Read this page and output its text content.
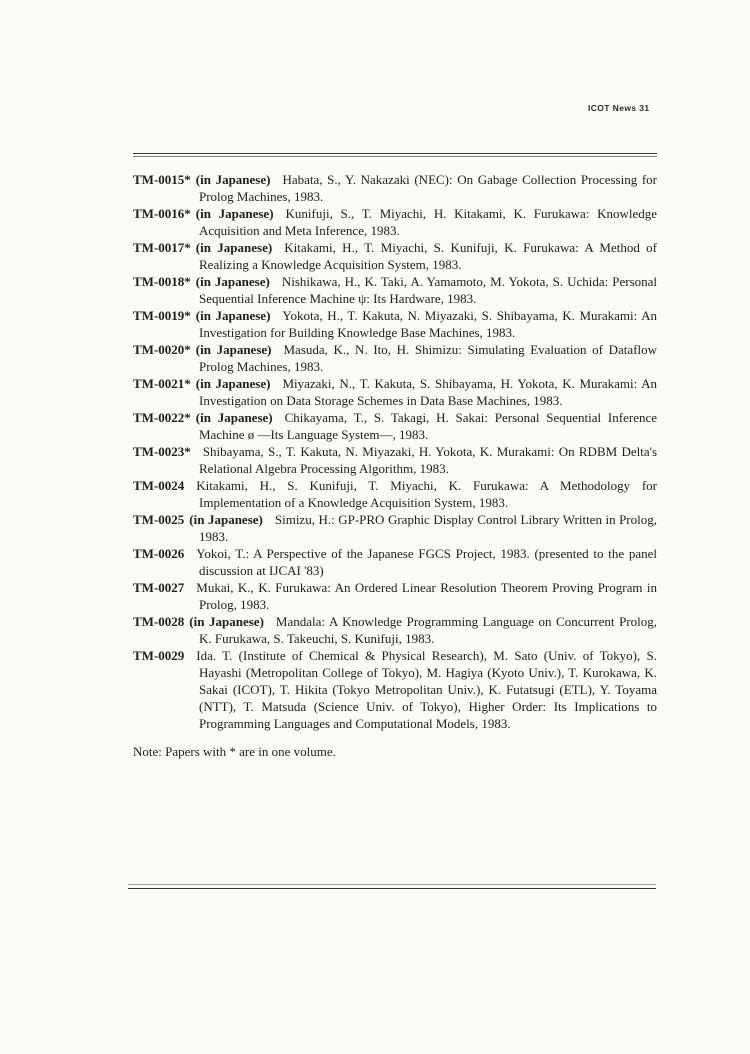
ICOT News 31

TM-0015* (in Japanese) Habata, S., Y. Nakazaki (NEC): On Gabage Collection Processing for Prolog Machines, 1983.

TM-0016* (in Japanese) Kunifuji, S., T. Miyachi, H. Kitakami, K. Furukawa: Knowledge Acquisition and Meta Inference, 1983.

TM-0017* (in Japanese) Kitakami, H., T. Miyachi, S. Kunifuji, K. Furukawa: A Method of Realizing a Knowledge Acquisition System, 1983.

TM-0018* (in Japanese) Nishikawa, H., K. Taki, A. Yamamoto, M. Yokota, S. Uchida: Personal Sequential Inference Machine ψ: Its Hardware, 1983.

TM-0019* (in Japanese) Yokota, H., T. Kakuta, N. Miyazaki, S. Shibayama, K. Murakami: An Investigation for Building Knowledge Base Machines, 1983.

TM-0020* (in Japanese) Masuda, K., N. Ito, H. Shimizu: Simulating Evaluation of Dataflow Prolog Machines, 1983.

TM-0021* (in Japanese) Miyazaki, N., T. Kakuta, S. Shibayama, H. Yokota, K. Murakami: An Investigation on Data Storage Schemes in Data Base Machines, 1983.

TM-0022* (in Japanese) Chikayama, T., S. Takagi, H. Sakai: Personal Sequential Inference Machine ø —Its Language System—, 1983.

TM-0023* Shibayama, S., T. Kakuta, N. Miyazaki, H. Yokota, K. Murakami: On RDBM Delta's Relational Algebra Processing Algorithm, 1983.

TM-0024 Kitakami, H., S. Kunifuji, T. Miyachi, K. Furukawa: A Methodology for Implementation of a Knowledge Acquisition System, 1983.

TM-0025 (in Japanese) Simizu, H.: GP-PRO Graphic Display Control Library Written in Prolog, 1983.

TM-0026 Yokoi, T.: A Perspective of the Japanese FGCS Project, 1983. (presented to the panel discussion at IJCAI '83)

TM-0027 Mukai, K., K. Furukawa: An Ordered Linear Resolution Theorem Proving Program in Prolog, 1983.

TM-0028 (in Japanese) Mandala: A Knowledge Programming Language on Concurrent Prolog, K. Furukawa, S. Takeuchi, S. Kunifuji, 1983.

TM-0029 Ida. T. (Institute of Chemical & Physical Research), M. Sato (Univ. of Tokyo), S. Hayashi (Metropolitan College of Tokyo), M. Hagiya (Kyoto Univ.), T. Kurokawa, K. Sakai (ICOT), T. Hikita (Tokyo Metropolitan Univ.), K. Futatsugi (ETL), Y. Toyama (NTT), T. Matsuda (Science Univ. of Tokyo), Higher Order: Its Implications to Programming Languages and Computational Models, 1983.

Note: Papers with * are in one volume.
